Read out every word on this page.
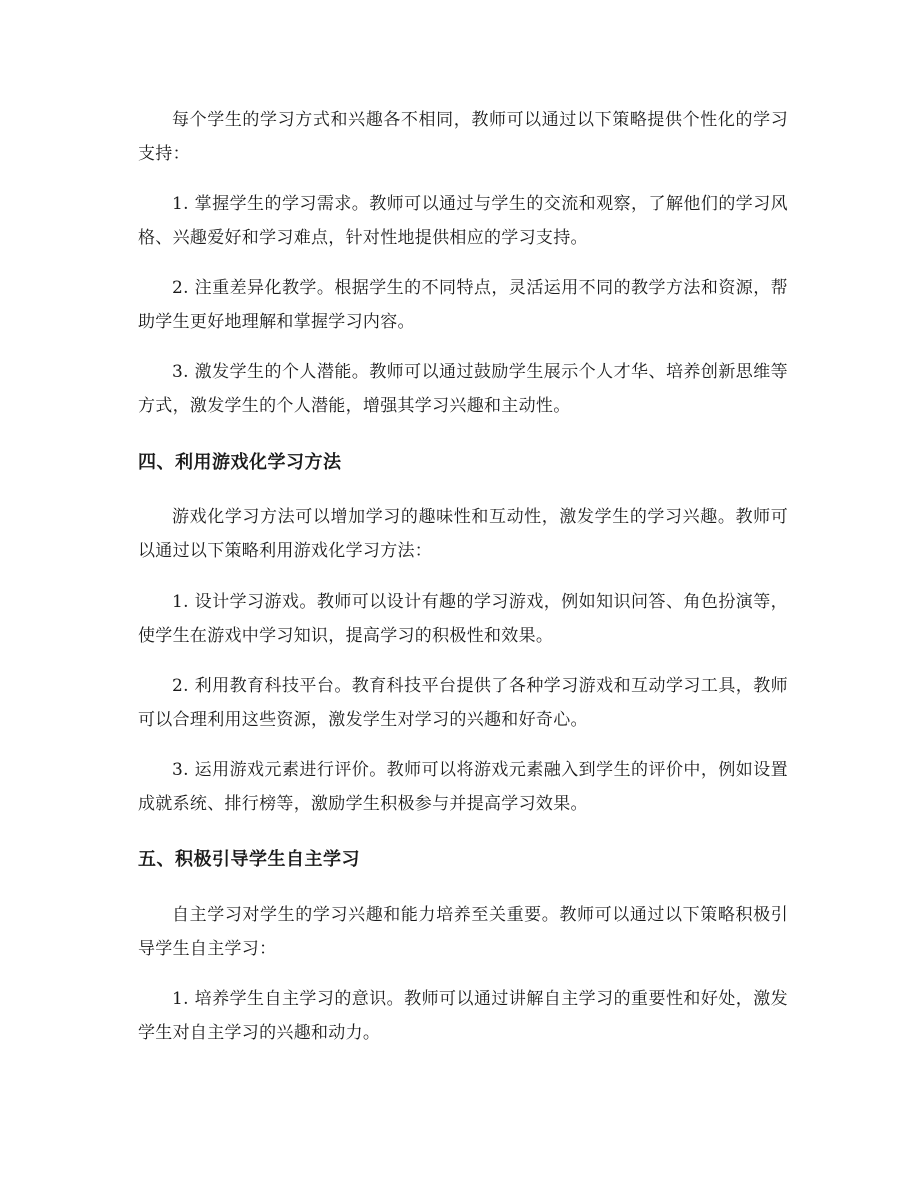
每个学生的学习方式和兴趣各不相同，教师可以通过以下策略提供个性化的学习支持：

1. 掌握学生的学习需求。教师可以通过与学生的交流和观察，了解他们的学习风格、兴趣爱好和学习难点，针对性地提供相应的学习支持。

2. 注重差异化教学。根据学生的不同特点，灵活运用不同的教学方法和资源，帮助学生更好地理解和掌握学习内容。

3. 激发学生的个人潜能。教师可以通过鼓励学生展示个人才华、培养创新思维等方式，激发学生的个人潜能，增强其学习兴趣和主动性。

四、利用游戏化学习方法

游戏化学习方法可以增加学习的趣味性和互动性，激发学生的学习兴趣。教师可以通过以下策略利用游戏化学习方法：

1. 设计学习游戏。教师可以设计有趣的学习游戏，例如知识问答、角色扮演等，使学生在游戏中学习知识，提高学习的积极性和效果。

2. 利用教育科技平台。教育科技平台提供了各种学习游戏和互动学习工具，教师可以合理利用这些资源，激发学生对学习的兴趣和好奇心。

3. 运用游戏元素进行评价。教师可以将游戏元素融入到学生的评价中，例如设置成就系统、排行榜等，激励学生积极参与并提高学习效果。

五、积极引导学生自主学习

自主学习对学生的学习兴趣和能力培养至关重要。教师可以通过以下策略积极引导学生自主学习：

1. 培养学生自主学习的意识。教师可以通过讲解自主学习的重要性和好处，激发学生对自主学习的兴趣和动力。
